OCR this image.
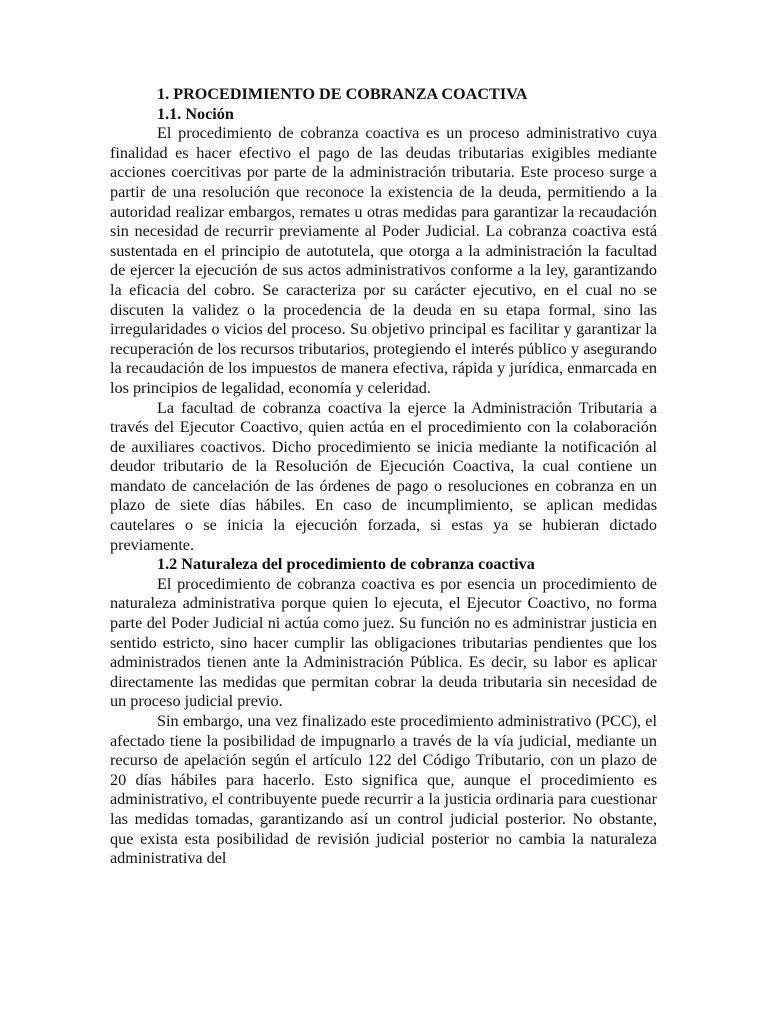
1. PROCEDIMIENTO DE COBRANZA COACTIVA

1.1. Noción

El procedimiento de cobranza coactiva es un proceso administrativo cuya finalidad es hacer efectivo el pago de las deudas tributarias exigibles mediante acciones coercitivas por parte de la administración tributaria. Este proceso surge a partir de una resolución que reconoce la existencia de la deuda, permitiendo a la autoridad realizar embargos, remates u otras medidas para garantizar la recaudación sin necesidad de recurrir previamente al Poder Judicial. La cobranza coactiva está sustentada en el principio de autotutela, que otorga a la administración la facultad de ejercer la ejecución de sus actos administrativos conforme a la ley, garantizando la eficacia del cobro. Se caracteriza por su carácter ejecutivo, en el cual no se discuten la validez o la procedencia de la deuda en su etapa formal, sino las irregularidades o vicios del proceso. Su objetivo principal es facilitar y garantizar la recuperación de los recursos tributarios, protegiendo el interés público y asegurando la recaudación de los impuestos de manera efectiva, rápida y jurídica, enmarcada en los principios de legalidad, economía y celeridad.

La facultad de cobranza coactiva la ejerce la Administración Tributaria a través del Ejecutor Coactivo, quien actúa en el procedimiento con la colaboración de auxiliares coactivos. Dicho procedimiento se inicia mediante la notificación al deudor tributario de la Resolución de Ejecución Coactiva, la cual contiene un mandato de cancelación de las órdenes de pago o resoluciones en cobranza en un plazo de siete días hábiles. En caso de incumplimiento, se aplican medidas cautelares o se inicia la ejecución forzada, si estas ya se hubieran dictado previamente.

1.2 Naturaleza del procedimiento de cobranza coactiva

El procedimiento de cobranza coactiva es por esencia un procedimiento de naturaleza administrativa porque quien lo ejecuta, el Ejecutor Coactivo, no forma parte del Poder Judicial ni actúa como juez. Su función no es administrar justicia en sentido estricto, sino hacer cumplir las obligaciones tributarias pendientes que los administrados tienen ante la Administración Pública. Es decir, su labor es aplicar directamente las medidas que permitan cobrar la deuda tributaria sin necesidad de un proceso judicial previo.

Sin embargo, una vez finalizado este procedimiento administrativo (PCC), el afectado tiene la posibilidad de impugnarlo a través de la vía judicial, mediante un recurso de apelación según el artículo 122 del Código Tributario, con un plazo de 20 días hábiles para hacerlo. Esto significa que, aunque el procedimiento es administrativo, el contribuyente puede recurrir a la justicia ordinaria para cuestionar las medidas tomadas, garantizando así un control judicial posterior. No obstante, que exista esta posibilidad de revisión judicial posterior no cambia la naturaleza administrativa del
